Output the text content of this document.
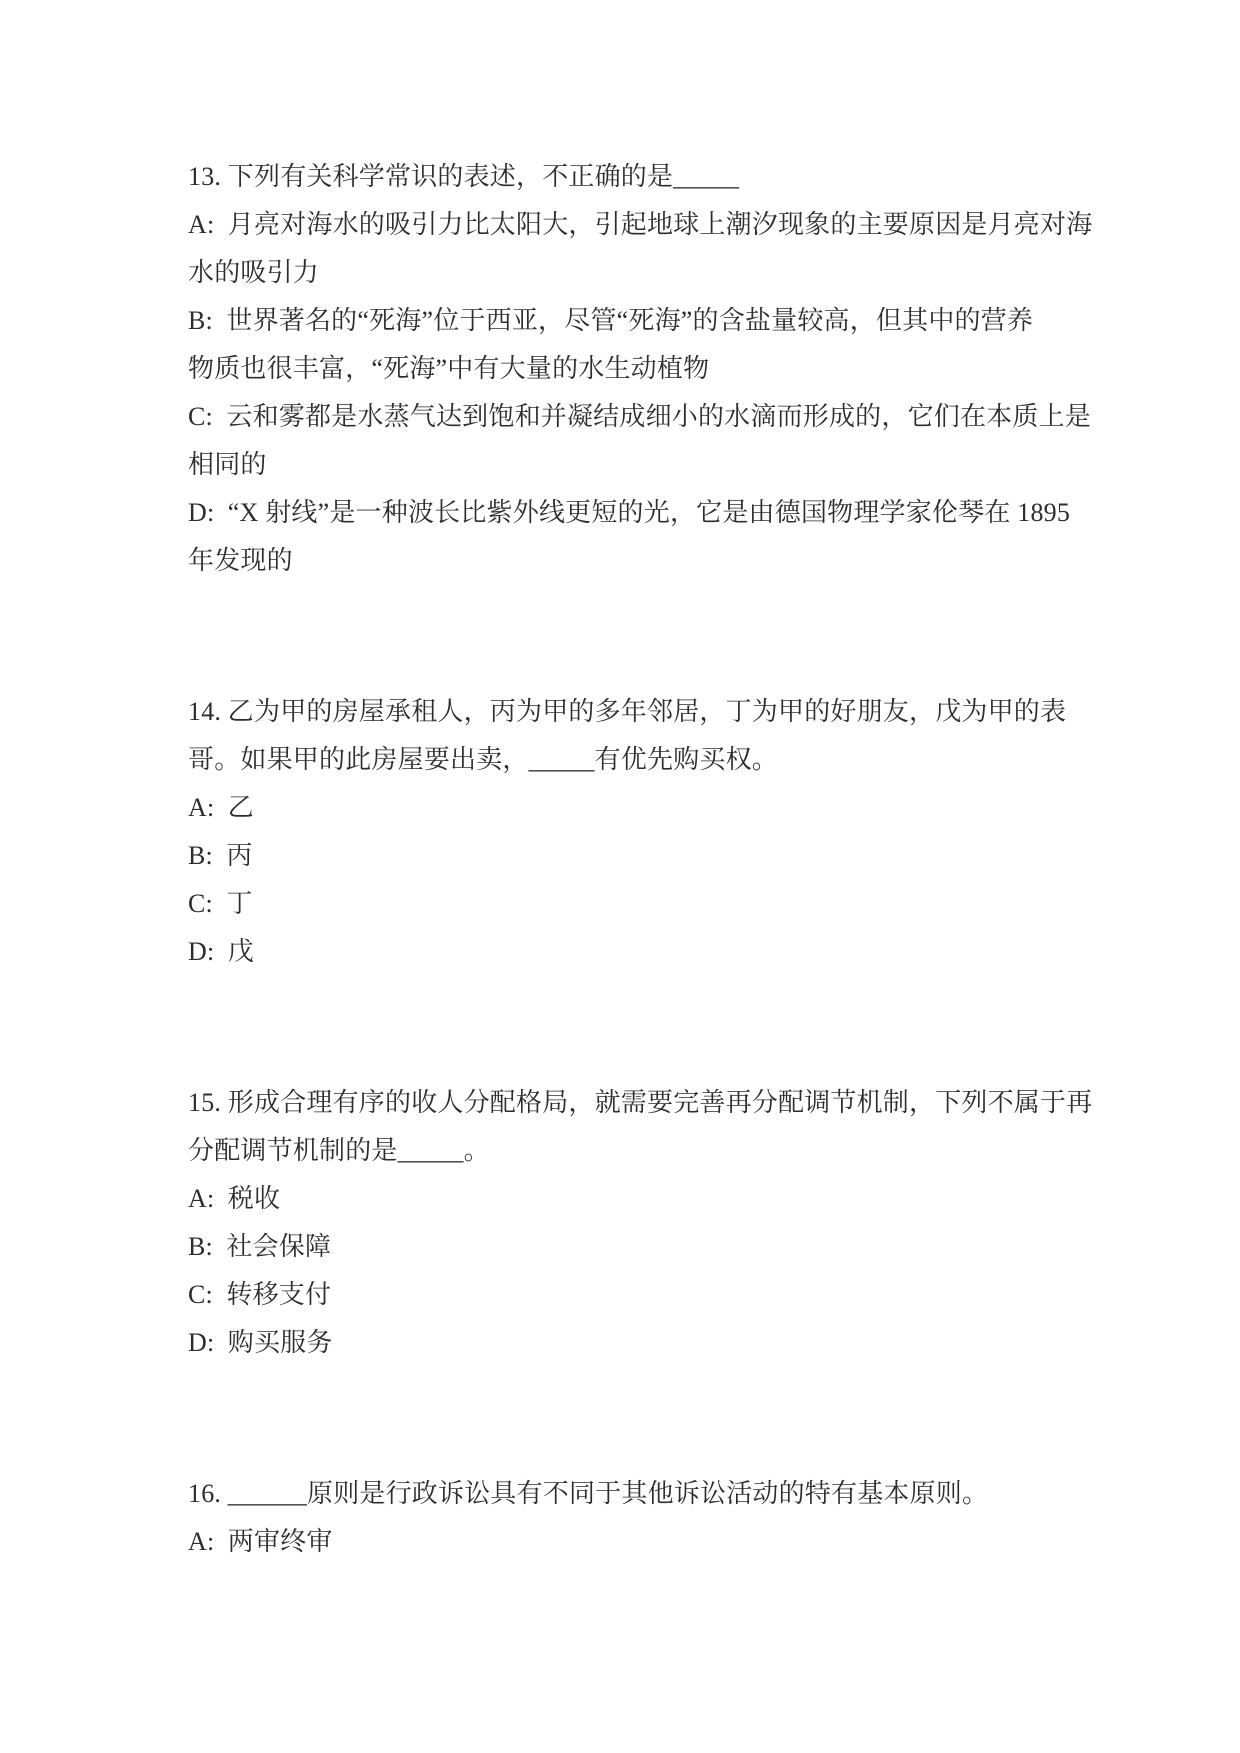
13. 下列有关科学常识的表述，不正确的是_____
A:  月亮对海水的吸引力比太阳大，引起地球上潮汐现象的主要原因是月亮对海
水的吸引力
B:  世界著名的“死海”位于西亚，尽管“死海”的含盐量较高，但其中的营养
物质也很丰富，“死海”中有大量的水生动植物
C:  云和雾都是水蒸气达到饱和并凝结成细小的水滴而形成的，它们在本质上是
相同的
D:  “X 射线”是一种波长比紫外线更短的光，它是由德国物理学家伦琴在 1895
年发现的
14. 乙为甲的房屋承租人，丙为甲的多年邻居，丁为甲的好朋友，戊为甲的表
哥。如果甲的此房屋要出卖，_____有优先购买权。
A:  乙
B:  丙
C:  丁
D:  戊
15. 形成合理有序的收人分配格局，就需要完善再分配调节机制，下列不属于再
分配调节机制的是_____。
A:  税收
B:  社会保障
C:  转移支付
D:  购买服务
16. ______原则是行政诉讼具有不同于其他诉讼活动的特有基本原则。
A:  两审终审
